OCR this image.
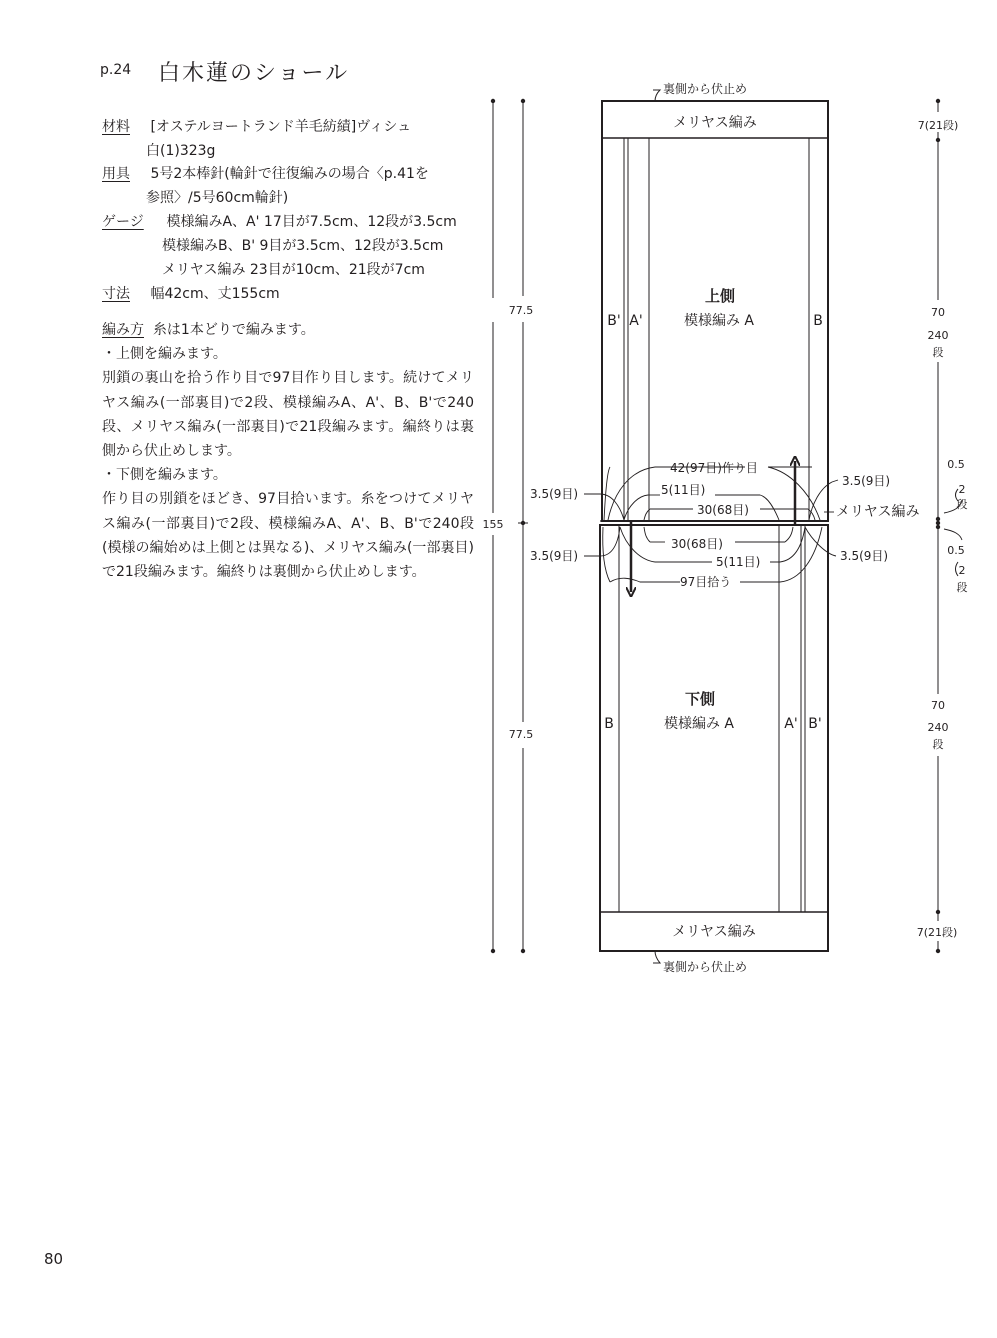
p.24 白木蓮のショール
材料 [オステルヨートランド羊毛紡績]ヴィシュ
白(1)323g
用具 5号2本棒針(輪針で往復編みの場合〈p.41を
参照〉/5号60cm輪針)
ゲージ 模様編みA、A' 17目が7.5cm、12段が3.5cm
模様編みB、B' 9目が3.5cm、12段が3.5cm
メリヤス編み 23目が10cm、21段が7cm
寸法 幅42cm、丈155cm

編み方 糸は1本どりで編みます。

・上側を編みます。

別鎖の裏山を拾う作り目で97目作り目します。続けてメリヤス編み(一部裏目)で2段、模様編みA、A'、B、B'で240段、メリヤス編み(一部裏目)で21段編みます。編終りは裏側から伏止めします。

・下側を編みます。

作り目の別鎖をほどき、97目拾います。糸をつけてメリヤス編み(一部裏目)で2段、模様編みA、A'、B、B'で240段(模様の編始めは上側とは異なる)、メリヤス編み(一部裏目)で21段編みます。編終りは裏側から伏止めします。

裏側から伏止め
メリヤス編み
上側
模様編み A
B' A'	B
下側
模様編み A
B	A' B'
メリヤス編み
裏側から伏止め
77.5
155
77.5
7(21段)
70
240
段
0.5
2
段
0.5
2
段
70
240
段
7(21段)
42(97目)作り目
3.5(9目)	5(11目)
30(68目)
3.5(9目)
メリヤス編み
30(68目)
3.5(9目)	5(11目)	3.5(9目)
97目拾う
80
